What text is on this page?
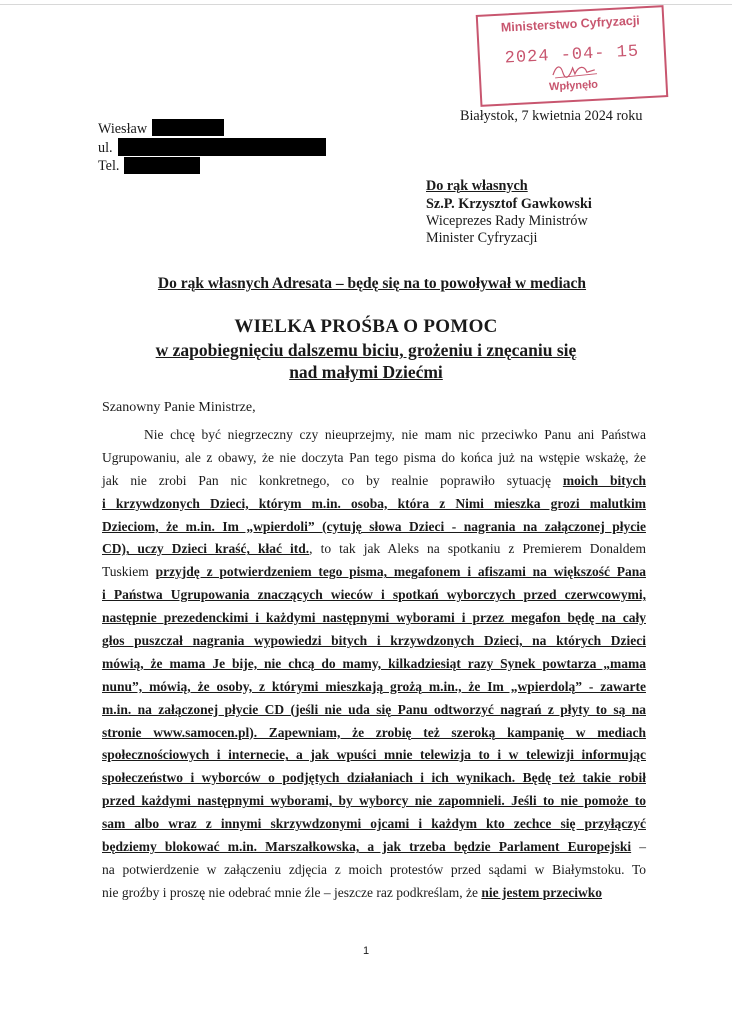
Ministerstwo Cyfryzacji
2024 -04- 15
Wpłynęło
Białystok, 7 kwietnia 2024 roku
Wiesław
ul.
Tel.
Do rąk własnych
Sz.P. Krzysztof Gawkowski
Wiceprezes Rady Ministrów
Minister Cyfryzacji
Do rąk własnych Adresata – będę się na to powoływał w mediach
WIELKA PROŚBA O POMOC
w zapobiegnięciu dalszemu biciu, grożeniu i znęcaniu się
nad małymi Dziećmi
Szanowny Panie Ministrze,
Nie chcę być niegrzeczny czy nieuprzejmy, nie mam nic przeciwko Panu ani Państwa
Ugrupowaniu, ale z obawy, że nie doczyta Pan tego pisma do końca już na wstępie wskażę, że
jak nie zrobi Pan nic konkretnego, co by realnie poprawiło sytuację moich bitych
i krzywdzonych Dzieci, którym m.in. osoba, która z Nimi mieszka grozi malutkim
Dzieciom, że m.in. Im „wpierdoli” (cytuję słowa Dzieci - nagrania na załączonej płycie
CD), uczy Dzieci kraść, kłać itd., to tak jak Aleks na spotkaniu z Premierem Donaldem
Tuskiem przyjdę z potwierdzeniem tego pisma, megafonem i afiszami na większość Pana
i Państwa Ugrupowania znaczących wieców i spotkań wyborczych przed czerwcowymi,
następnie prezedenckimi i każdymi następnymi wyborami i przez megafon będę na cały
głos puszczał nagrania wypowiedzi bitych i krzywdzonych Dzieci, na których Dzieci
mówią, że mama Je bije, nie chcą do mamy, kilkadziesiąt razy Synek powtarza „mama
nunu”, mówią, że osoby, z którymi mieszkają grożą m.in., że Im „wpierdolą” - zawarte
m.in. na załączonej płycie CD (jeśli nie uda się Panu odtworzyć nagrań z płyty to są na
stronie www.samocen.pl). Zapewniam, że zrobię też szeroką kampanię w mediach
społecznościowych i internecie, a jak wpuści mnie telewizja to i w telewizji informując
społeczeństwo i wyborców o podjętych działaniach i ich wynikach. Będę też takie robił
przed każdymi następnymi wyborami, by wyborcy nie zapomnieli. Jeśli to nie pomoże to
sam albo wraz z innymi skrzywdzonymi ojcami i każdym kto zechce się przyłączyć
będziemy blokować m.in. Marszałkowska, a jak trzeba będzie Parlament Europejski –
na potwierdzenie w załączeniu zdjęcia z moich protestów przed sądami w Białymstoku. To
nie groźby i proszę nie odebrać mnie źle – jeszcze raz podkreślam, że nie jestem przeciwko
1
